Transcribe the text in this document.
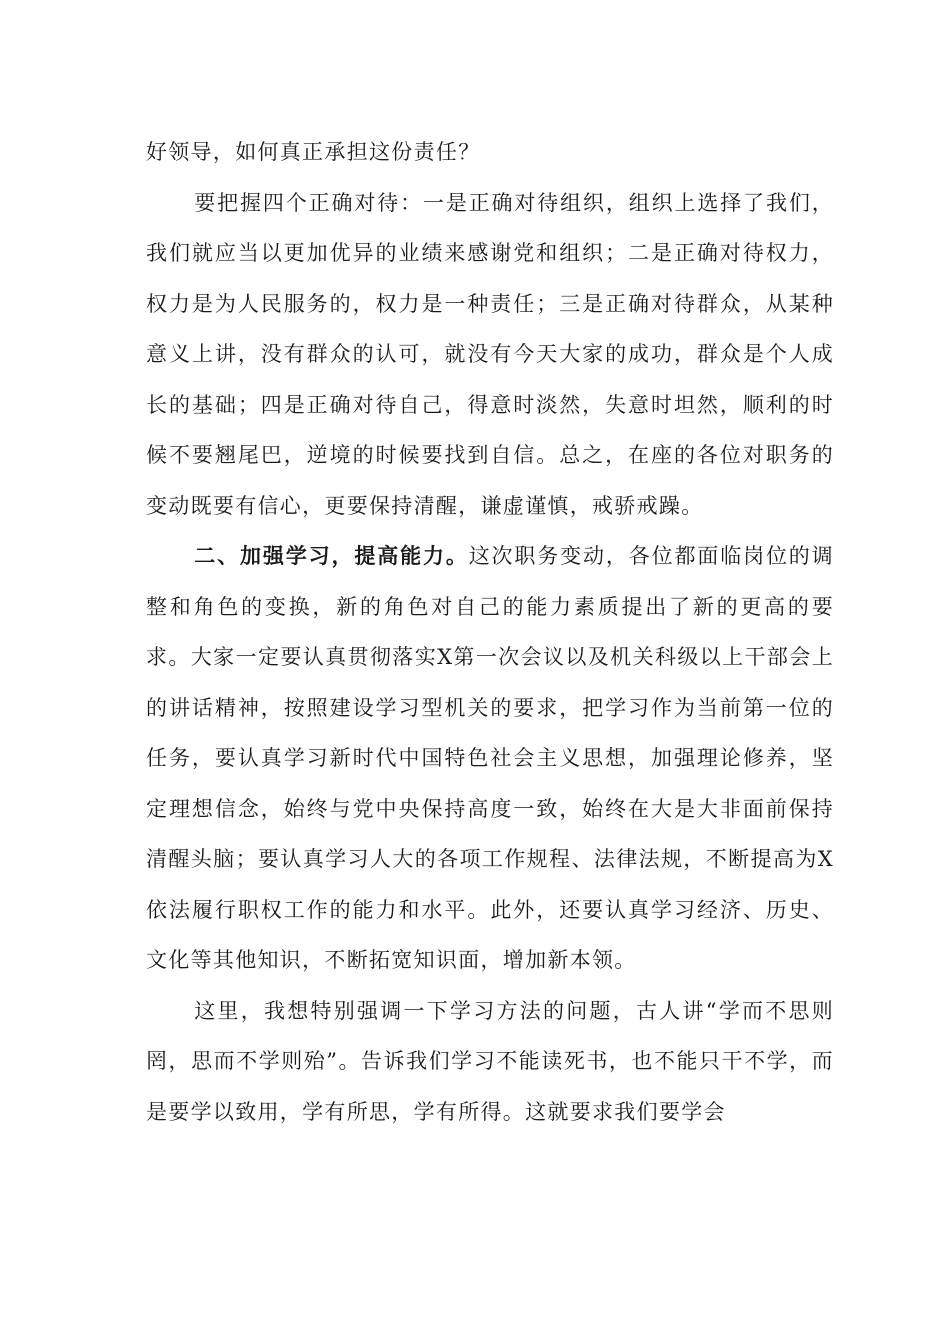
好领导，如何真正承担这份责任？

要把握四个正确对待：一是正确对待组织，组织上选择了我们，我们就应当以更加优异的业绩来感谢党和组织；二是正确对待权力，权力是为人民服务的，权力是一种责任；三是正确对待群众，从某种意义上讲，没有群众的认可，就没有今天大家的成功，群众是个人成长的基础；四是正确对待自己，得意时淡然，失意时坦然，顺利的时候不要翘尾巴，逆境的时候要找到自信。总之，在座的各位对职务的变动既要有信心，更要保持清醒，谦虚谨慎，戒骄戒躁。

二、加强学习，提高能力。这次职务变动，各位都面临岗位的调整和角色的变换，新的角色对自己的能力素质提出了新的更高的要求。大家一定要认真贯彻落实X第一次会议以及机关科级以上干部会上的讲话精神，按照建设学习型机关的要求，把学习作为当前第一位的任务，要认真学习新时代中国特色社会主义思想，加强理论修养，坚定理想信念，始终与党中央保持高度一致，始终在大是大非面前保持清醒头脑；要认真学习人大的各项工作规程、法律法规，不断提高为X依法履行职权工作的能力和水平。此外，还要认真学习经济、历史、文化等其他知识，不断拓宽知识面，增加新本领。

这里，我想特别强调一下学习方法的问题，古人讲“学而不思则罔，思而不学则殆”。告诉我们学习不能读死书，也不能只干不学，而是要学以致用，学有所思，学有所得。这就要求我们要学会
